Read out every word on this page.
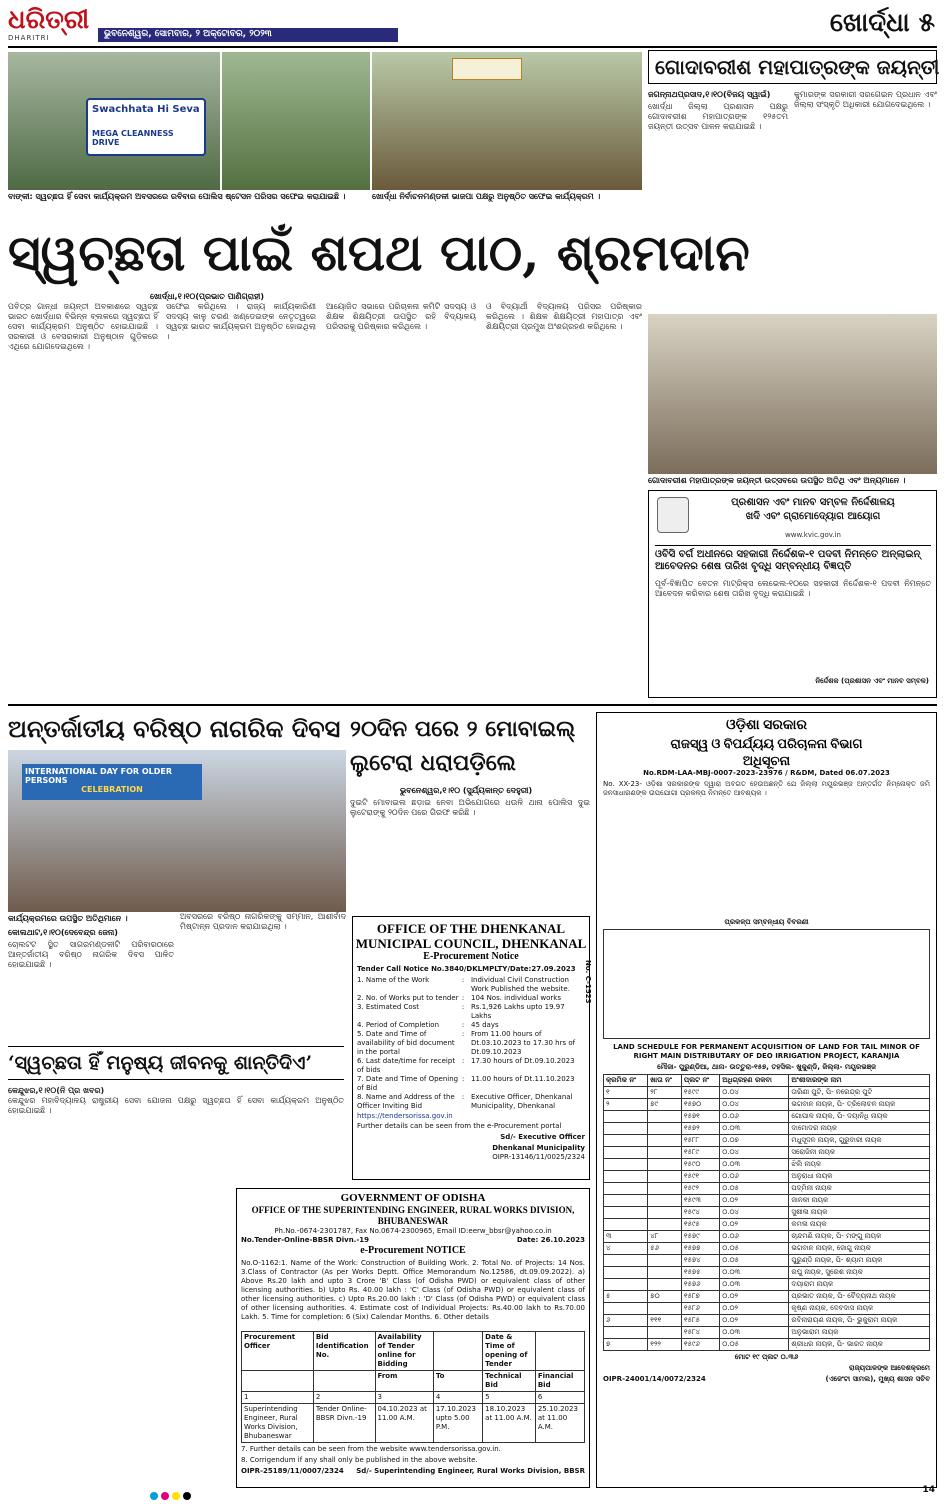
ଧରିତ୍ରୀ
DHARITRI	ଭୁବନେଶ୍ୱର, ସୋମବାର, ୨ ଅକ୍ଟୋବର, ୨୦୨୩	ଖୋର୍ଦ୍ଧା ୫
Swachhata Hi Seva
MEGA CLEANNESS DRIVE
ବାଙ୍କୀ: ସ୍ୱଚ୍ଛତା ହିଁ ସେବା କାର୍ଯ୍ୟକ୍ରମ ଅବସରରେ ରବିବାର ପୋଲିସ ଷ୍ଟେସନ ପରିସର ସଫେଇ କରାଯାଇଛି ।	ଖୋର୍ଦ୍ଧା ନିର୍ବାଚନମଣ୍ଡଳୀ ଭାଜପା ପକ୍ଷରୁ ଅନୁଷ୍ଠିତ ସଫେଇ କାର୍ଯ୍ୟକ୍ରମ ।
ସ୍ୱଚ୍ଛତା ପାଇଁ ଶପଥ ପାଠ, ଶ୍ରମଦାନ
ଖୋର୍ଦ୍ଧା,୧।୧୦(ପ୍ରଭାତ ପାଣିଗ୍ରାହୀ)
ପବିତ୍ର ଗାନ୍ଧୀ ଜୟନ୍ତୀ ଅବକାଶରେ ସ୍ୱଚ୍ଛ ଭାରତ ଖୋର୍ଦ୍ଧାର ବିଭିନ୍ନ ବ୍ଲକରେ ସ୍ୱଚ୍ଛତା ହିଁ ସେବା କାର୍ଯ୍ୟକ୍ରମ ଅନୁଷ୍ଠିତ ହୋଇଯାଇଛି । ସରକାରୀ ଓ ବେସରକାରୀ ଅନୁଷ୍ଠାନ ଗୁଡ଼ିକରେ ଏଥିରେ ଯୋଗଦେଇଥିଲେ ।
ସଫେଇ କରିଥିଲେ । ରାଜ୍ୟ କାର୍ଯ୍ୟକାରିଣୀ ସଦସ୍ୟ କାଳୁ ଚରଣ ଖଣ୍ଡେଇଙ୍କ ନେତୃତ୍ୱରେ ସ୍ୱଚ୍ଛ ଭାରତ କାର୍ଯ୍ୟକ୍ରମ ଅନୁଷ୍ଠିତ ହୋଇଥିଲା ।
ଆୟୋଜିତ ସଭାରେ ପରିଚାଳନା କମିଟି ସଦସ୍ୟ ଓ ଶିକ୍ଷକ ଶିକ୍ଷୟିତ୍ରୀ ଉପସ୍ଥିତ ରହି ବିଦ୍ୟାଳୟ ପରିସରକୁ ପରିଷ୍କାର କରିଥିଲେ ।
ଓ ବିଦ୍ୟାର୍ଥୀ ବିଦ୍ୟାଳୟ ପରିସର ପରିଷ୍କାର କରିଥିଲେ । ଶିକ୍ଷକ ଶିକ୍ଷୟିତ୍ରୀ ମହାପାତ୍ର ଏବଂ ଶିକ୍ଷୟିତ୍ରୀ ପ୍ରମୁଖ ଅଂଶଗ୍ରହଣ କରିଥିଲେ ।
ଗୋଦାବରୀଶ ମହାପାତ୍ରଙ୍କ ଜୟନ୍ତୀ
ଜଗନ୍ନାଥପ୍ରସାଦ,୧।୧୦(ବିଜୟ ସ୍ୱାଇଁ)
ଖୋର୍ଦ୍ଧା ଜିଲ୍ଲା ପ୍ରଶାସନ ପକ୍ଷରୁ ଗୋଦାବରୀଶ ମହାପାତ୍ରଙ୍କ ୧୨୫ତମ ଜୟନ୍ତୀ ଉତ୍ସବ ପାଳନ କରାଯାଇଛି ।
କୁମାରଙ୍କ ସରକାରୀ ସରଗେଇନ ପ୍ରଧାନ ଏବଂ ଜିଲ୍ଲା ସଂସ୍କୃତି ଅଧିକାରୀ ଯୋଗଦେଇଥିଲେ ।
ଗୋଦାବରୀଶ ମହାପାତ୍ରଙ୍କ ଜୟନ୍ତୀ ଉତ୍ସବରେ ଉପସ୍ଥିତ ଅତିଥି ଏବଂ ଅନ୍ୟମାନେ ।
ପ୍ରଶାସନ ଏବଂ ମାନବ ସମ୍ବଳ ନିର୍ଦ୍ଦେଶାଳୟ
ଖଦି ଏବଂ ଗ୍ରାମୋଦ୍ୟୋଗ ଆୟୋଗ
www.kvic.gov.in
ଓବିସି ବର୍ଗ ଅଧୀନରେ ସହକାରୀ ନିର୍ଦ୍ଦେଶକ-୧ ପଦବୀ ନିମନ୍ତେ ଅନ୍‌ଲାଇନ୍ ଆବେଦନର ଶେଷ ତାରିଖ ବୃଦ୍ଧି ସମ୍ବନ୍ଧୀୟ ବିଜ୍ଞପ୍ତି
ପୂର୍ବ-ବିଜ୍ଞାପିତ ବେତନ ମାଟ୍ରିକ୍ସ ଲେଭେଲ-୧୦ରେ ସହକାରୀ ନିର୍ଦ୍ଦେଶକ-୧ ପଦବୀ ନିମନ୍ତେ ଆବେଦନ କରିବାର ଶେଷ ତାରିଖ ବୃଦ୍ଧି କରାଯାଇଛି ।
ନିର୍ଦ୍ଦେଶକ (ପ୍ରଶାସନ ଏବଂ ମାନବ ସମ୍ବଳ)
ଅନ୍ତର୍ଜାତୀୟ ବରିଷ୍ଠ ନାଗରିକ ଦିବସ
INTERNATIONAL DAY FOR OLDER PERSONS
CELEBRATION
କାର୍ଯ୍ୟକ୍ରମରେ ଉପସ୍ଥିତ ଅତିଥିମାନେ ।
କୋଲଥାଟ,୧।୧୦(ଦେବେନ୍ଦ୍ର ଜେନା)
ଚୋଲଟଟ ସ୍ଥିତ ସାଗରମଣ୍ଡଳୀଟି ପରିବାରଠାରେ ଆନ୍ତର୍ଜାତୀୟ ବରିଷ୍ଠ ନାଗରିକ ଦିବସ ପାଳିତ ହୋଇଯାଇଛି ।
ଅବସରରେ ବରିଷ୍ଠ ନାଗରିକଙ୍କୁ ସମ୍ମାନ, ଆଶୀର୍ବାଦ ମିଷ୍ଟାନ୍ନ ପ୍ରଦାନ କରାଯାଇଥିଲା ।
୨୦ଦିନ ପରେ ୨ ମୋବାଇଲ୍
ଲୁଟେରା ଧରାପଡ଼ିଲେ
ଭୁବନେଶ୍ୱର,୧।୧୦ (ସୁର୍ଯ୍ୟକାନ୍ତ ଦେହୁରୀ)
ଦୁଇଟି ମୋବାଇଲ ଛଡ଼ାଇ ନେବା ଅଭିଯୋଗରେ ଧଉଳି ଥାନା ପୋଲିସ ଦୁଇ ଲୁଟେରାଙ୍କୁ ୨୦ଦିନ ପରେ ଗିରଫ କରିଛି ।
‘ସ୍ୱଚ୍ଛତା ହିଁ ମନୁଷ୍ୟ ଜୀବନକୁ ଶାନ୍ତିଦିଏ’
କେନ୍ଦୁଝର,୧।୧୦(ନି ପ୍ର ଖବର)
କେନ୍ଦୁଝର ମହାବିଦ୍ୟାଳୟ ରାଷ୍ଟ୍ରୀୟ ସେବା ଯୋଜନା ପକ୍ଷରୁ ସ୍ୱଚ୍ଛତା ହିଁ ସେବା କାର୍ଯ୍ୟକ୍ରମ ଅନୁଷ୍ଠିତ ହୋଇଯାଇଛି ।
OFFICE OF THE DHENKANAL
MUNICIPAL COUNCIL, DHENKANAL
E-Procurement Notice
Tender Call Notice No.3840/DKLMPLTY/Date:27.09.2023
1. Name of the Work	: Individual Civil Construction Work Published the website.
2. No. of Works put to tender : 104 Nos. individual works
3. Estimated Cost	: Rs.1,926 Lakhs upto 19.97 Lakhs
4. Period of Completion	: 45 days
5. Date and Time of availability of bid document in the portal
: From 11.00 hours of Dt.03.10.2023 to 17.30 hrs of Dt.09.10.2023
6. Last date/time for receipt of bids
: 17.30 hours of Dt.09.10.2023
7. Date and Time of Opening of Bid
: 11.00 hours of Dt.11.10.2023
8. Name and Address of the Officer Inviting Bid
: Executive Officer, Dhenkanal Municipality, Dhenkanal
https://tendersorissa.gov.in
Further details can be seen from the e-Procurement portal
Sd/- Executive Officer
Dhenkanal Municipality
OIPR-13146/11/0025/2324
No. C-1523
GOVERNMENT OF ODISHA
OFFICE OF THE SUPERINTENDING ENGINEER, RURAL WORKS DIVISION, BHUBANESWAR
Ph.No.-0674-2301787, Fax No.0674-2300965, Email ID:eerw_bbsr@yahoo.co.in
No.Tender-Online-BBSR Divn.-19	Date: 26.10.2023
e-Procurement NOTICE
No.O-1162:1. Name of the Work: Construction of Building Work. 2. Total No. of Projects: 14 Nos. 3.Class of Contractor (As per Works Deptt. Office Memorandum No.12586, dt.09.09.2022). a) Above Rs.20 lakh and upto 3 Crore 'B' Class (of Odisha PWD) or equivalent class of other licensing authorities. b) Upto Rs. 40.00 lakh : 'C' Class (of Odisha PWD) or equivalent class of other licensing authorities. c) Upto Rs.20.00 lakh : 'D' Class (of Odisha PWD) or equivalent class of other licensing authorities. 4. Estimate cost of Individual Projects: Rs.40.00 lakh to Rs.70.00 Lakh. 5. Time for completion: 6 (Six) Calendar Months. 6. Other details
Procurement Officer	Bid Identification No.	Availability of Tender online for Bidding		Date & Time of opening of Tender	
		From	To	Technical Bid	Financial Bid
1	2	3	4	5	6
Superintending Engineer, Rural Works Division, Bhubaneswar	Tender Online-BBSR Divn.-19	04.10.2023 at 11.00 A.M.	17.10.2023 upto 5.00 P.M.	18.10.2023 at 11.00 A.M.	25.10.2023 at 11.00 A.M.
7. Further details can be seen from the website www.tendersorissa.gov.in.
8. Corrigendum if any shall only be published in the above website.
OIPR-25189/11/0007/2324 Sd/- Superintending Engineer, Rural Works Division, BBSR
ଓଡ଼ିଶା ସରକାର
ରାଜସ୍ୱ ଓ ବିପର୍ଯ୍ୟୟ ପରିଚାଳନା ବିଭାଗ
ଅଧିସୂଚନା
No.RDM-LAA-MBJ-0007-2023-23976 / R&DM, Dated 06.07.2023
No. XX-23- ଓଡ଼ିଶା ସରକାରଙ୍କ ଦ୍ୱାରା ଅବଗତ ହେଉଅଛନ୍ତି ଯେ ଜିଲ୍ଲା ମୟୂରଭଞ୍ଜ ଅନ୍ତର୍ଗତ ନିମ୍ନୋକ୍ତ ଜମି ଜନସାଧାରଣଙ୍କ ଉପଯୋଗୀ ପ୍ରକଳ୍ପ ନିମନ୍ତେ ଆବଶ୍ୟକ ।
ପ୍ରକଳ୍ପ ସମ୍ବନ୍ଧୀୟ ବିବରଣୀ
LAND SCHEDULE FOR PERMANENT ACQUISITION OF LAND FOR TAIL MINOR OF RIGHT MAIN DISTRIBUTARY OF DEO IRRIGATION PROJECT, KARANJIA
ମୌଜା- ପୁରୁଣ୍ଡିଆ, ଥାନା- ଉତ୍ତୁରା-୧୫୭, ତହସିଲ- ଖୁକୁଣ୍ଡି, ଜିଲ୍ଲା- ମୟୂରଭଞ୍ଜ
କ୍ରମିକ ନଂ	ଖାତା ନଂ	ପ୍ଲଟ ନଂ	ଅଧିଗ୍ରହଣ ରକବା	ଅଂଶୀଦାରଙ୍କ ନାମ
୧	୨୮	୧୫୯୯	୦.୦୪	ତାରିଣୀ ପୁଟି, ପି- ନରେନ୍ଦ୍ର ପୁଟି
୨	୭୯	୧୫୭୦	୦.୦୪	ଭଗବାନ ନାୟକ, ପି- ତ୍ରିଲୋଚନ ନାୟକ
		୧୫୭୧	୦.୦୬	ଗୋପାଳ ନାୟକ, ପି- ଦୟାନିଧି ନାୟକ
		୧୫୭୨	୦.୦୩	ଦାମୋଦର ନାୟକ
		୧୫୮୮	୦.୦୭	ମଧୁସୂଦନ ନାୟକ, ଗୁରୁବାରୀ ନାୟକ
		୧୫୮୯	୦.୦୪	ସରୋଜିନୀ ନାୟକ
		୧୫୯୦	୦.୦୩	ଝିଲି ନାୟକ
		୧୫୯୧	୦.୦୬	ଅନୁରାଧା ନାୟକ
		୧୫୯୨	୦.୦୫	ପଦ୍ମିନୀ ନାୟକ
		୧୫୯୩	୦.୦୨	ଜାନକୀ ନାୟକ
		୧୫୯୪	୦.୦୪	ସୁଶୀଳା ନାୟକ
		୧୫୯୫	୦.୦୨	କମଳା ନାୟକ
୩	୪୮	୧୫୭୯	୦.୦୬	ଚାନ୍ଦମଣି ନାୟକ, ପି- ମଙ୍ଗୁ ନାୟକ
୪	୫୬	୧୫୭୭	୦.୦୫	ଭଗବାନ ନାୟକ, ଜୋଗୁ ନାୟକ
		୧୫୭୪	୦.୦୫	ପୁରୁଣ୍ଡି ନାୟକ, ପି- ଶ୍ୟାମ ନାୟକ
		୧୫୭୫	୦.୦୩	ରଘୁ ନାୟକ, ସୁରେଶ ନାୟକ
		୧୫୭୬	୦.୦୩	ଦୟାରାମ ନାୟକ
୫	୭୦	୧୫୮୭	୦.୦୨	ପ୍ରଭାତ ନାୟକ, ପି- ବୈଦ୍ୟନାଥ ନାୟକ
		୧୫୮୬	୦.୦୨	କୃଷ୍ଣ ନାୟକ, ଦେବଦାସ ନାୟକ
୬	୧୧୧	୧୫୮୫	୦.୦୨	ରବିନାରାୟଣ ନାୟକ, ପି- ଭୁକୁରାମ ନାୟକ
		୧୫୮୪	୦.୦୩	ଅନୁଭାରାମ ନାୟକ
୭	୧୨୨	୧୫୯୬	୦.୦୫	ଶ୍ରୀଧର ନାୟକ, ପି- ଭାରତ ନାୟକ
ମୋଟ ୧୯ ପ୍ଲଟ ୦.୩୬
ରାଜ୍ୟପାଳଙ୍କ ଆଦେଶକ୍ରମେ
OIPR-24001/14/0072/2324	(ଏଜେଂଟା ସାମଲ), ମୁଖ୍ୟ ଶାସନ ସଚିବ
14
